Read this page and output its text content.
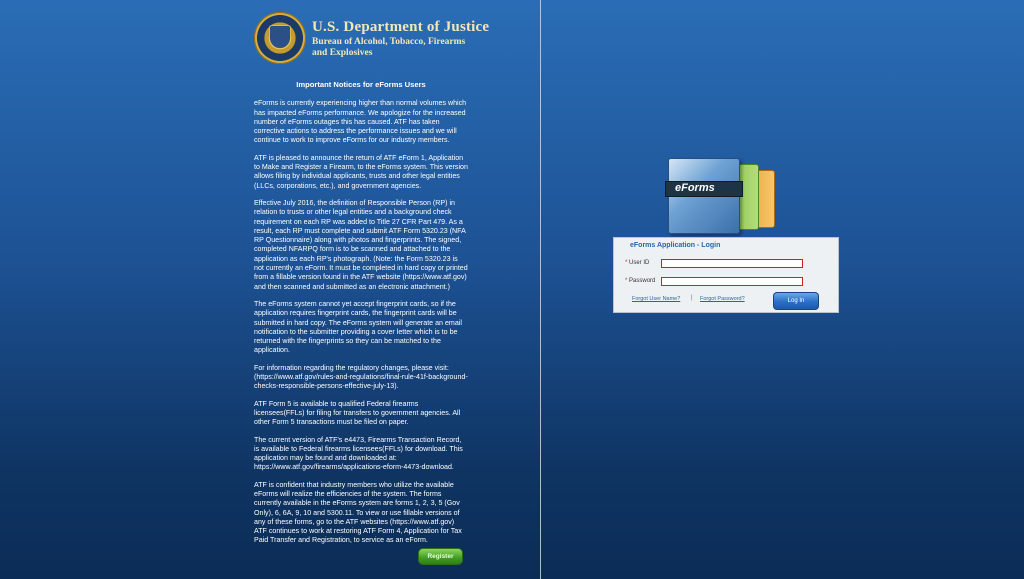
U.S. Department of Justice
Bureau of Alcohol, Tobacco, Firearms and Explosives
Important Notices for eForms Users

eForms is currently experiencing higher than normal volumes which has impacted eForms performance. We apologize for the increased number of eForms outages this has caused. ATF has taken corrective actions to address the performance issues and we will continue to work to improve eForms for our industry members.

ATF is pleased to announce the return of ATF eForm 1, Application to Make and Register a Firearm, to the eForms system. This version allows filing by individual applicants, trusts and other legal entities (LLCs, corporations, etc.), and government agencies.

Effective July 2016, the definition of Responsible Person (RP) in relation to trusts or other legal entities and a background check requirement on each RP was added to Title 27 CFR Part 479. As a result, each RP must complete and submit ATF Form 5320.23 (NFA RP Questionnaire) along with photos and fingerprints. The signed, completed NFARPQ form is to be scanned and attached to the application as each RP's photograph. (Note: the Form 5320.23 is not currently an eForm. It must be completed in hard copy or printed from a fillable version found in the ATF website (https://www.atf.gov) and then scanned and submitted as an electronic attachment.)

The eForms system cannot yet accept fingerprint cards, so if the application requires fingerprint cards, the fingerprint cards will be submitted in hard copy. The eForms system will generate an email notification to the submitter providing a cover letter which is to be returned with the fingerprints so they can be matched to the application.

For information regarding the regulatory changes, please visit: (https://www.atf.gov/rules-and-regulations/final-rule-41f-background-checks-responsible-persons-effective-july-13).

ATF Form 5 is available to qualified Federal firearms licensees(FFLs) for filing for transfers to government agencies. All other Form 5 transactions must be filed on paper.

The current version of ATF's e4473, Firearms Transaction Record, is available to Federal firearms licensees(FFLs) for download. This application may be found and downloaded at: https://www.atf.gov/firearms/applications-eform-4473-download.

ATF is confident that industry members who utilize the available eForms will realize the efficiencies of the system. The forms currently available in the eForms system are forms 1, 2, 3, 5 (Gov Only), 6, 6A, 9, 10 and 5300.11. To view or use fillable versions of any of these forms, go to the ATF websites (https://www.atf.gov) ATF continues to work at restoring ATF Form 4, Application for Tax Paid Transfer and Registration, to service as an eForm.

Register
eForms
eForms Application - Login
* User ID
* Password
Forgot User Name? | Forgot Password?	Log In
